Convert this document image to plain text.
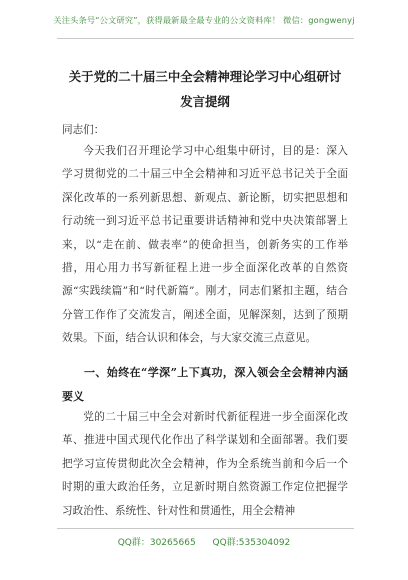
关注头条号“公文研究”，获得最新最全最专业的公文资料库！ 微信：gongwenyj
关于党的二十届三中全会精神理论学习中心组研讨发言提纲
同志们：

今天我们召开理论学习中心组集中研讨，目的是：深入学习贯彻党的二十届三中全会精神和习近平总书记关于全面深化改革的一系列新思想、新观点、新论断，切实把思想和行动统一到习近平总书记重要讲话精神和党中央决策部署上来，以“走在前、做表率”的使命担当，创新务实的工作举措，用心用力书写新征程上进一步全面深化改革的自然资源“实践续篇”和“时代新篇”。刚才，同志们紧扣主题，结合分管工作作了交流发言，阐述全面，见解深刻，达到了预期效果。下面，结合认识和体会，与大家交流三点意见。

一、始终在“学深”上下真功，深入领会全会精神内涵要义

党的二十届三中全会对新时代新征程进一步全面深化改革、推进中国式现代化作出了科学谋划和全面部署。我们要把学习宣传贯彻此次全会精神，作为全系统当前和今后一个时期的重大政治任务，立足新时期自然资源工作定位把握学习政治性、系统性、针对性和贯通性，用全会精神

QQ群：30265665 QQ群:535304092
